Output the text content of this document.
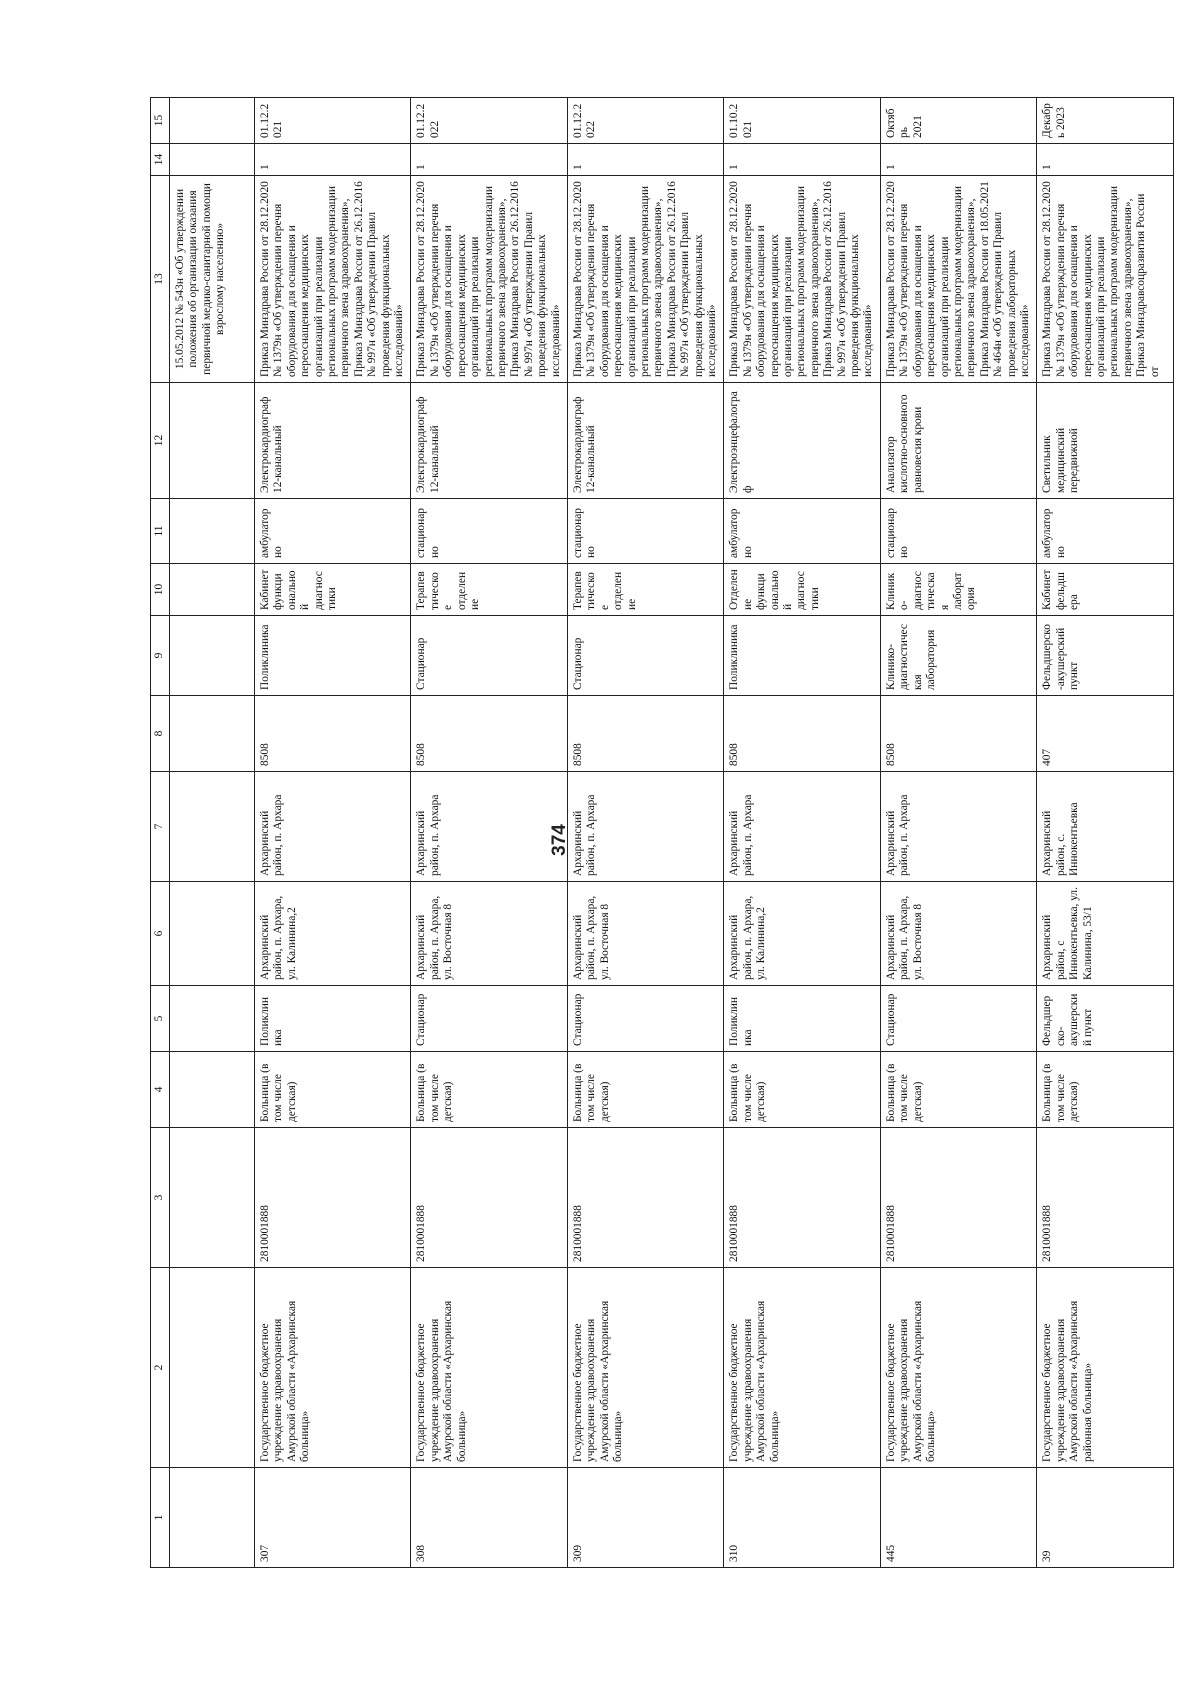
374
1	2	3	4	5	6	7	8	9	10	11	12	13	14	15
												15.05.2012 № 543н «Об утверждении положения об организации оказания первичной медико-санитарной помощи взрослому населению»		
307	Государственное бюджетное учреждение здравоохранения Амурской области «Архаринская больница»	2810001888	Больница (в том числе детская)	Поликлиника	Архаринский район, п. Архара, ул. Калинина,2	Архаринский район, п. Архара	8508	Поликлиника	Кабинет функциональной диагностики	амбулаторно	Электрокардиограф 12-канальный	Приказ Минздрава России от 28.12.2020 № 1379н «Об утверждении перечня оборудования для оснащения и переоснащения медицинских организаций при реализации региональных программ модернизации первичного звена здравоохранения», Приказ Минздрава России от 26.12.2016 № 997н «Об утверждении Правил проведения функциональных исследований»	1	01.12.2021
308	Государственное бюджетное учреждение здравоохранения Амурской области «Архаринская больница»	2810001888	Больница (в том числе детская)	Стационар	Архаринский район, п. Архара, ул. Восточная 8	Архаринский район, п. Архара	8508	Стационар	Терапевтическое отделение	стационарно	Электрокардиограф 12-канальный	Приказ Минздрава России от 28.12.2020 № 1379н «Об утверждении перечня оборудования для оснащения и переоснащения медицинских организаций при реализации региональных программ модернизации первичного звена здравоохранения», Приказ Минздрава России от 26.12.2016 № 997н «Об утверждении Правил проведения функциональных исследований»	1	01.12.2022
309	Государственное бюджетное учреждение здравоохранения Амурской области «Архаринская больница»	2810001888	Больница (в том числе детская)	Стационар	Архаринский район, п. Архара, ул. Восточная 8	Архаринский район, п. Архара	8508	Стационар	Терапевтическое отделение	стационарно	Электрокардиограф 12-канальный	Приказ Минздрава России от 28.12.2020 № 1379н «Об утверждении перечня оборудования для оснащения и переоснащения медицинских организаций при реализации региональных программ модернизации первичного звена здравоохранения», Приказ Минздрава России от 26.12.2016 № 997н «Об утверждении Правил проведения функциональных исследований»	1	01.12.2022
310	Государственное бюджетное учреждение здравоохранения Амурской области «Архаринская больница»	2810001888	Больница (в том числе детская)	Поликлиника	Архаринский район, п. Архара, ул. Калинина,2	Архаринский район, п. Архара	8508	Поликлиника	Отделение функциональной диагностики	амбулаторно	Электроэнцефалограф	Приказ Минздрава России от 28.12.2020 № 1379н «Об утверждении перечня оборудования для оснащения и переоснащения медицинских организаций при реализации региональных программ модернизации первичного звена здравоохранения», Приказ Минздрава России от 26.12.2016 № 997н «Об утверждении Правил проведения функциональных исследований»	1	01.10.2021
445	Государственное бюджетное учреждение здравоохранения Амурской области «Архаринская больница»	2810001888	Больница (в том числе детская)	Стационар	Архаринский район, п. Архара, ул. Восточная 8	Архаринский район, п. Архара	8508	Клинико-диагностическая лаборатория	Клинико-диагностическая лаборатория	стационарно	Анализатор кислотно-основного равновесия крови	Приказ Минздрава России от 28.12.2020 № 1379н «Об утверждении перечня оборудования для оснащения и переоснащения медицинских организаций при реализации региональных программ модернизации первичного звена здравоохранения», Приказ Минздрава России от 18.05.2021 № 464н «Об утверждении Правил проведения лабораторных исследований»	1	Октябрь 2021
39	Государственное бюджетное учреждение здравоохранения Амурской области «Архаринская районная больница»	2810001888	Больница (в том числе детская)	Фельдшерско-акушерский пункт	Архаринский район, с Иннокентьевка, ул. Калинина, 53/1	Архаринский район, с. Иннокентьевка	407	Фельдшерско-акушерский пункт	Кабинет фельдшера	амбулаторно	Светильник медицинский передвижной	Приказ Минздрава России от 28.12.2020 № 1379н «Об утверждении перечня оборудования для оснащения и переоснащения медицинских организаций при реализации региональных программ модернизации первичного звена здравоохранения», Приказ Минздравсоцразвития России от	1	Декабрь 2023
